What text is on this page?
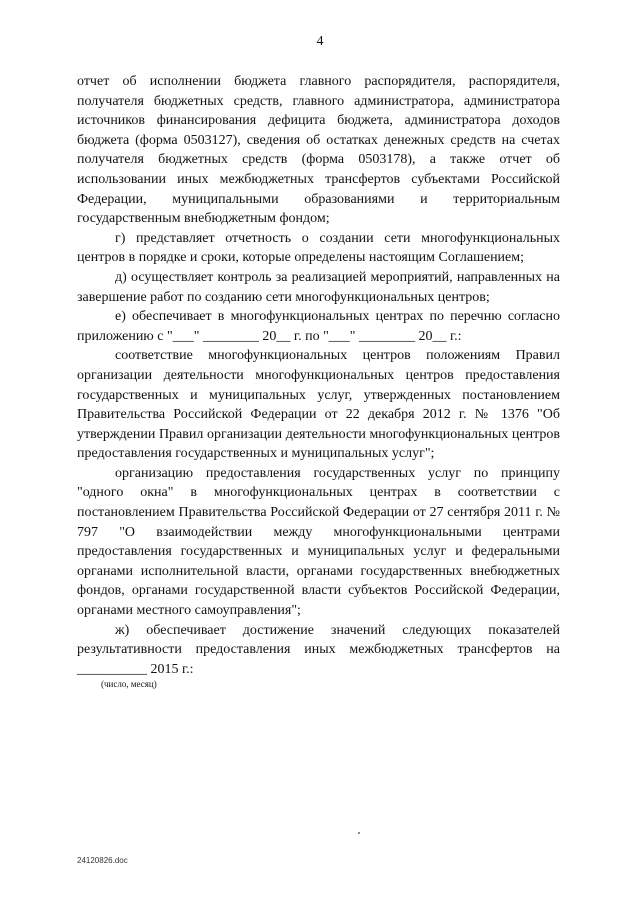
4

отчет об исполнении бюджета главного распорядителя, распорядителя, получателя бюджетных средств, главного администратора, администратора источников финансирования дефицита бюджета, администратора доходов бюджета (форма 0503127), сведения об остатках денежных средств на счетах получателя бюджетных средств (форма 0503178), а также отчет об использовании иных межбюджетных трансфертов субъектами Российской Федерации, муниципальными образованиями и территориальным государственным внебюджетным фондом;

г) представляет отчетность о создании сети многофункциональных центров в порядке и сроки, которые определены настоящим Соглашением;

д) осуществляет контроль за реализацией мероприятий, направленных на завершение работ по созданию сети многофункциональных центров;

е) обеспечивает в многофункциональных центрах по перечню согласно приложению с "___" ________ 20__ г. по "___" ________ 20__ г.:

соответствие многофункциональных центров положениям Правил организации деятельности многофункциональных центров предоставления государственных и муниципальных услуг, утвержденных постановлением Правительства Российской Федерации от 22 декабря 2012 г. № 1376 "Об утверждении Правил организации деятельности многофункциональных центров предоставления государственных и муниципальных услуг";

организацию предоставления государственных услуг по принципу "одного окна" в многофункциональных центрах в соответствии с постановлением Правительства Российской Федерации от 27 сентября 2011 г. № 797 "О взаимодействии между многофункциональными центрами предоставления государственных и муниципальных услуг и федеральными органами исполнительной власти, органами государственных внебюджетных фондов, органами государственной власти субъектов Российской Федерации, органами местного самоуправления";

ж) обеспечивает достижение значений следующих показателей результативности предоставления иных межбюджетных трансфертов на __________ 2015 г.:

(число, месяц)
24120826.doc
